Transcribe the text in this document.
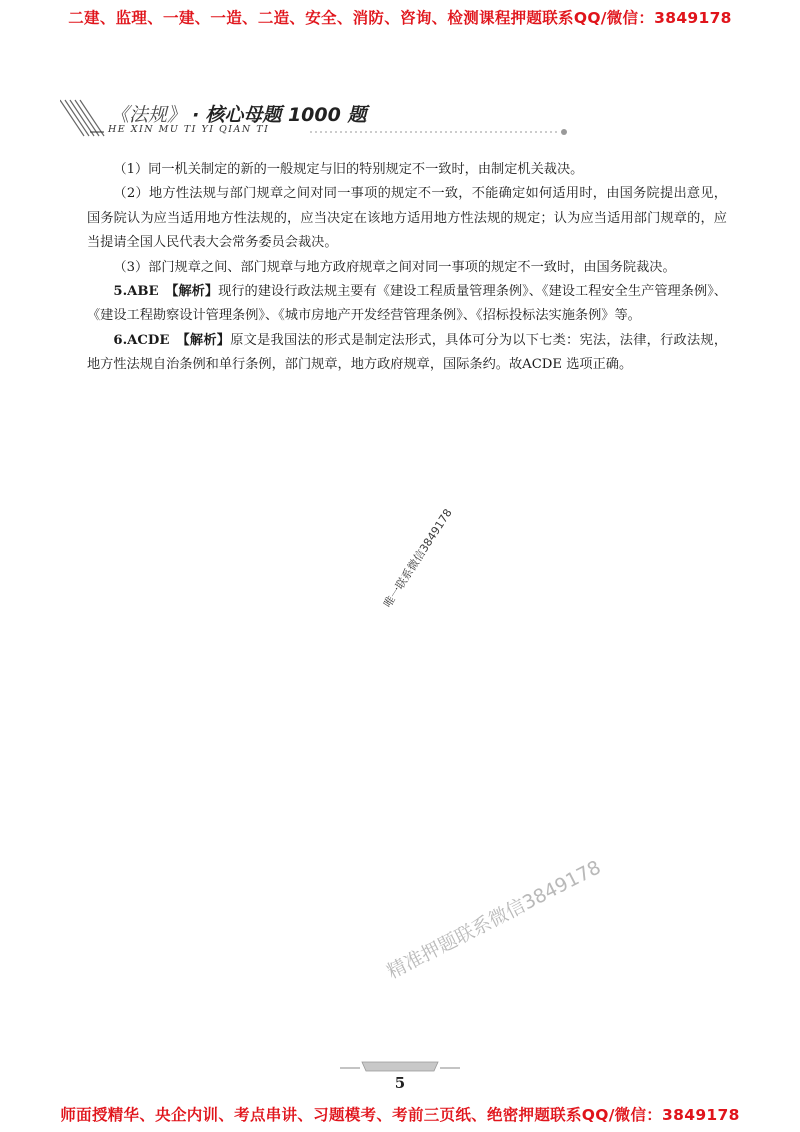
二建、监理、一建、一造、二造、安全、消防、咨询、检测课程押题联系QQ/微信：3849178
《法规》 · 核心母题 1000 题
HE XIN MU TI YI QIAN TI

（1）同一机关制定的新的一般规定与旧的特别规定不一致时，由制定机关裁决。

（2）地方性法规与部门规章之间对同一事项的规定不一致，不能确定如何适用时，由国务院提出意见，国务院认为应当适用地方性法规的，应当决定在该地方适用地方性法规的规定；认为应当适用部门规章的，应当提请全国人民代表大会常务委员会裁决。

（3）部门规章之间、部门规章与地方政府规章之间对同一事项的规定不一致时，由国务院裁决。

5.ABE　 【解析】现行的建设行政法规主要有《建设工程质量管理条例》、《建设工程安全生产管理条例》、《建设工程勘察设计管理条例》、《城市房地产开发经营管理条例》、《招标投标法实施条例》等。

6.ACDE　 【解析】原文是我国法的形式是制定法形式，具体可分为以下七类：宪法，法律，行政法规，地方性法规自治条例和单行条例，部门规章，地方政府规章，国际条约。故ACDE 选项正确。

唯一联系微信3849178
精准押题联系微信3849178
5
师面授精华、央企内训、考点串讲、习题模考、考前三页纸、绝密押题联系QQ/微信：3849178
